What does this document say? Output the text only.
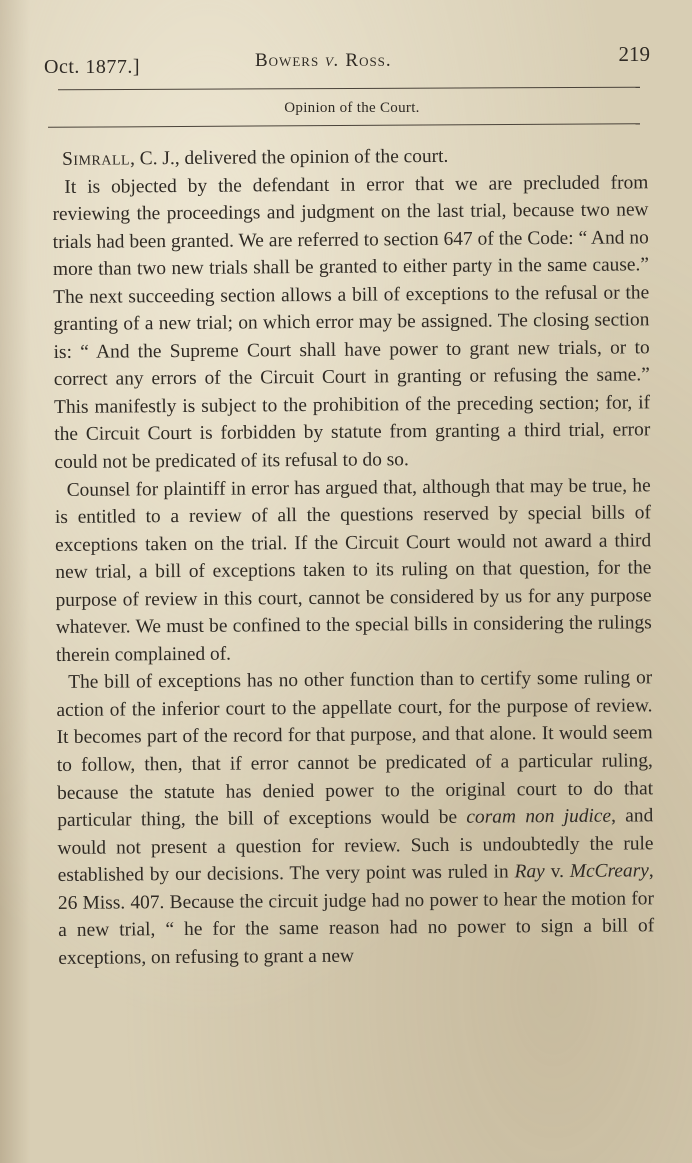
Oct. 1877.]	Bowers v. Ross.	219
Opinion of the Court.

Simrall, C. J., delivered the opinion of the court.

It is objected by the defendant in error that we are precluded from reviewing the proceedings and judgment on the last trial, because two new trials had been granted. We are referred to section 647 of the Code: “ And no more than two new trials shall be granted to either party in the same cause.” The next succeeding section allows a bill of exceptions to the refusal or the granting of a new trial; on which error may be assigned. The closing section is: “ And the Supreme Court shall have power to grant new trials, or to correct any errors of the Circuit Court in granting or refusing the same.” This manifestly is subject to the prohibition of the preceding section; for, if the Circuit Court is forbidden by statute from granting a third trial, error could not be predicated of its refusal to do so.

Counsel for plaintiff in error has argued that, although that may be true, he is entitled to a review of all the questions reserved by special bills of exceptions taken on the trial. If the Circuit Court would not award a third new trial, a bill of exceptions taken to its ruling on that question, for the purpose of review in this court, cannot be considered by us for any purpose whatever. We must be confined to the special bills in considering the rulings therein complained of.

The bill of exceptions has no other function than to certify some ruling or action of the inferior court to the appellate court, for the purpose of review. It becomes part of the record for that purpose, and that alone. It would seem to follow, then, that if error cannot be predicated of a particular ruling, because the statute has denied power to the original court to do that particular thing, the bill of exceptions would be coram non judice, and would not present a question for review. Such is undoubtedly the rule established by our decisions. The very point was ruled in Ray v. McCreary, 26 Miss. 407. Because the circuit judge had no power to hear the motion for a new trial, “ he for the same reason had no power to sign a bill of exceptions, on refusing to grant a new
